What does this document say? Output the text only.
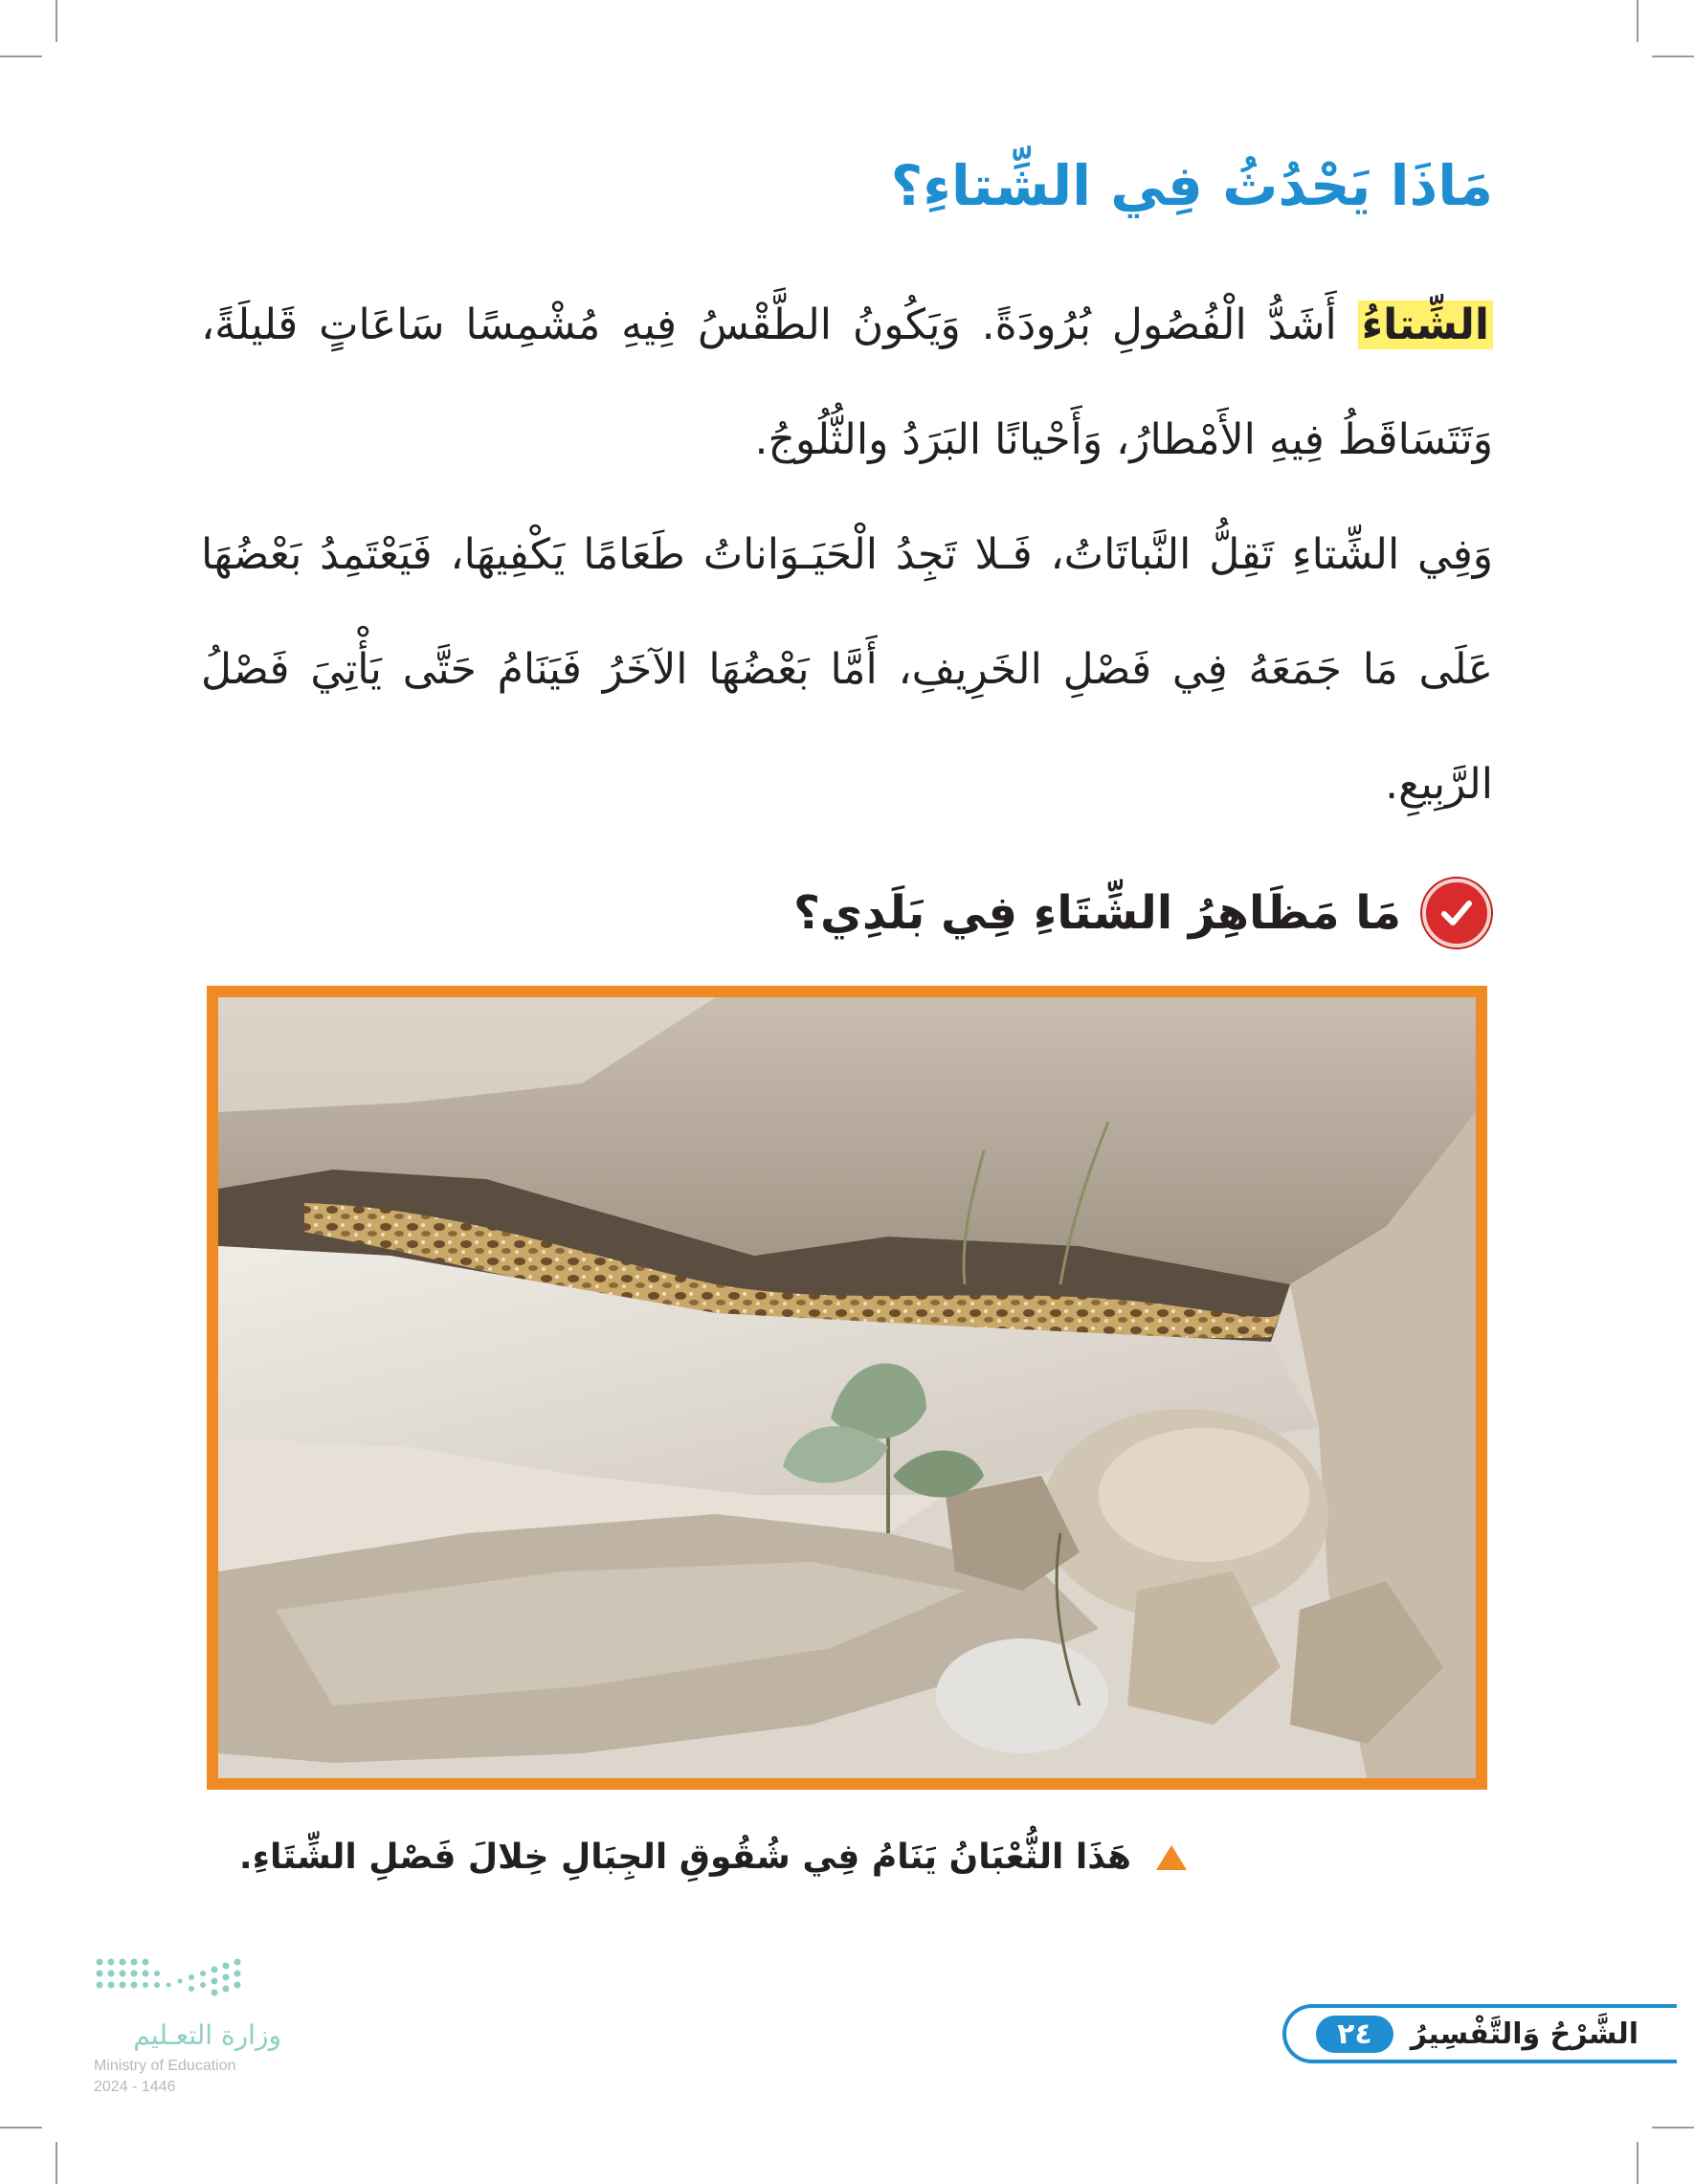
مَاذَا يَحْدُثُ فِي الشِّتاءِ؟

الشِّتاءُ أَشَدُّ الْفُصُولِ بُرُودَةً. وَيَكُونُ الطَّقْسُ فِيهِ مُشْمِسًا سَاعَاتٍ قَليلَةً، وَتَتَسَاقَطُ فِيهِ الأَمْطارُ، وَأَحْيانًا البَرَدُ والثُّلُوجُ.

وَفِي الشِّتاءِ تَقِلُّ النَّباتَاتُ، فَـلا تَجِدُ الْحَيَـوَاناتُ طَعَامًا يَكْفِيهَا، فَيَعْتَمِدُ بَعْضُهَا عَلَى مَا جَمَعَهُ فِي فَصْلِ الخَرِيفِ، أَمَّا بَعْضُهَا الآخَرُ فَيَنَامُ حَتَّى يَأْتِيَ فَصْلُ الرَّبِيعِ.

مَا مَظَاهِرُ الشِّتَاءِ فِي بَلَدِي؟
هَذَا الثُّعْبَانُ يَنَامُ فِي شُقُوقِ الجِبَالِ خِلالَ فَصْلِ الشِّتَاءِ.
وزارة التعـليم
Ministry of Education
2024 - 1446
الشَّرْحُ وَالتَّفْسِيرُ
٢٤
